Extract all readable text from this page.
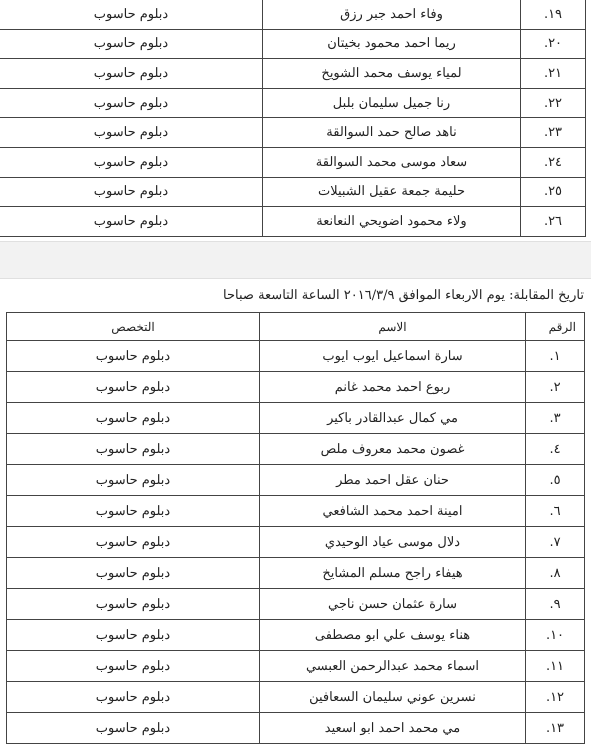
دبلوم حاسوب	وفاء احمد جبر رزق	.١٩
دبلوم حاسوب	ريما احمد محمود بخيتان	.٢٠
دبلوم حاسوب	لمياء يوسف محمد الشويخ	.٢١
دبلوم حاسوب	رنا جميل سليمان بلبل	.٢٢
دبلوم حاسوب	ناهد صالح حمد السوالقة	.٢٣
دبلوم حاسوب	سعاد موسى محمد السوالقة	.٢٤
دبلوم حاسوب	حليمة جمعة عقيل الشبيلات	.٢٥
دبلوم حاسوب	ولاء محمود اضويحي النعانعة	.٢٦
تاريخ المقابلة: يوم الاربعاء الموافق ٢٠١٦/٣/٩ الساعة التاسعة صباحا
التخصص	الاسم	الرقم
دبلوم حاسوب	سارة اسماعيل ايوب ايوب	.١
دبلوم حاسوب	ربوع احمد محمد غانم	.٢
دبلوم حاسوب	مي كمال عبدالقادر باكير	.٣
دبلوم حاسوب	غصون محمد معروف ملص	.٤
دبلوم حاسوب	حنان عقل احمد مطر	.٥
دبلوم حاسوب	امينة احمد محمد الشافعي	.٦
دبلوم حاسوب	دلال موسى عياد الوحيدي	.٧
دبلوم حاسوب	هيفاء راجح مسلم المشايخ	.٨
دبلوم حاسوب	سارة عثمان حسن ناجي	.٩
دبلوم حاسوب	هناء يوسف علي ابو مصطفى	.١٠
دبلوم حاسوب	اسماء محمد عبدالرحمن العبسي	.١١
دبلوم حاسوب	نسرين عوني سليمان السعافين	.١٢
دبلوم حاسوب	مي محمد احمد ابو اسعيد	.١٣
